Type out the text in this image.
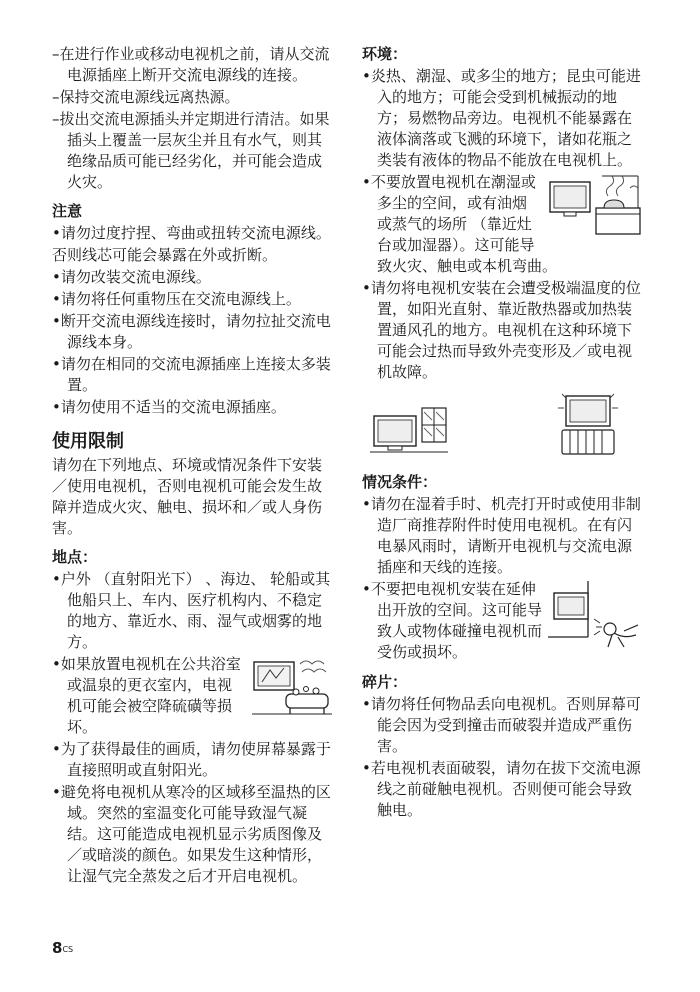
–在进行作业或移动电视机之前，请从交流电源插座上断开交流电源线的连接。

–保持交流电源线远离热源。

–拔出交流电源插头并定期进行清洁。如果插头上覆盖一层灰尘并且有水气，则其绝缘品质可能已经劣化，并可能会造成火灾。

注意

•请勿过度拧捏、弯曲或扭转交流电源线。

否则线芯可能会暴露在外或折断。

•请勿改装交流电源线。

•请勿将任何重物压在交流电源线上。

•断开交流电源线连接时，请勿拉扯交流电源线本身。

•请勿在相同的交流电源插座上连接太多装置。

•请勿使用不适当的交流电源插座。

使用限制

请勿在下列地点、环境或情况条件下安装／使用电视机，否则电视机可能会发生故障并造成火灾、触电、损坏和／或人身伤害。

地点：

•户外 （直射阳光下） 、海边、 轮船或其他船只上、车内、医疗机构内、不稳定的地方、靠近水、雨、湿气或烟雾的地方。

•如果放置电视机在公共浴室或温泉的更衣室内，电视机可能会被空降硫磺等损坏。

•为了获得最佳的画质，请勿使屏幕暴露于直接照明或直射阳光。

•避免将电视机从寒冷的区域移至温热的区域。突然的室温变化可能导致湿气凝结。这可能造成电视机显示劣质图像及／或暗淡的颜色。如果发生这种情形，让湿气完全蒸发之后才开启电视机。

环境：

•炎热、潮湿、或多尘的地方；昆虫可能进入的地方；可能会受到机械振动的地方；易燃物品旁边。电视机不能暴露在液体滴落或飞溅的环境下，诸如花瓶之类装有液体的物品不能放在电视机上。

•不要放置电视机在潮湿或多尘的空间，或有油烟或蒸气的场所 （靠近灶台或加湿器）。这可能导致火灾、触电或本机弯曲。

•请勿将电视机安装在会遭受极端温度的位置，如阳光直射、靠近散热器或加热装置通风孔的地方。电视机在这种环境下可能会过热而导致外壳变形及／或电视机故障。

情况条件：

•请勿在湿着手时、机壳打开时或使用非制造厂商推荐附件时使用电视机。在有闪电暴风雨时，请断开电视机与交流电源插座和天线的连接。

•不要把电视机安装在延伸出开放的空间。这可能导致人或物体碰撞电视机而受伤或损坏。

碎片：

•请勿将任何物品丢向电视机。否则屏幕可能会因为受到撞击而破裂并造成严重伤害。

•若电视机表面破裂，请勿在拔下交流电源线之前碰触电视机。否则便可能会导致触电。

$8^{CS}$
